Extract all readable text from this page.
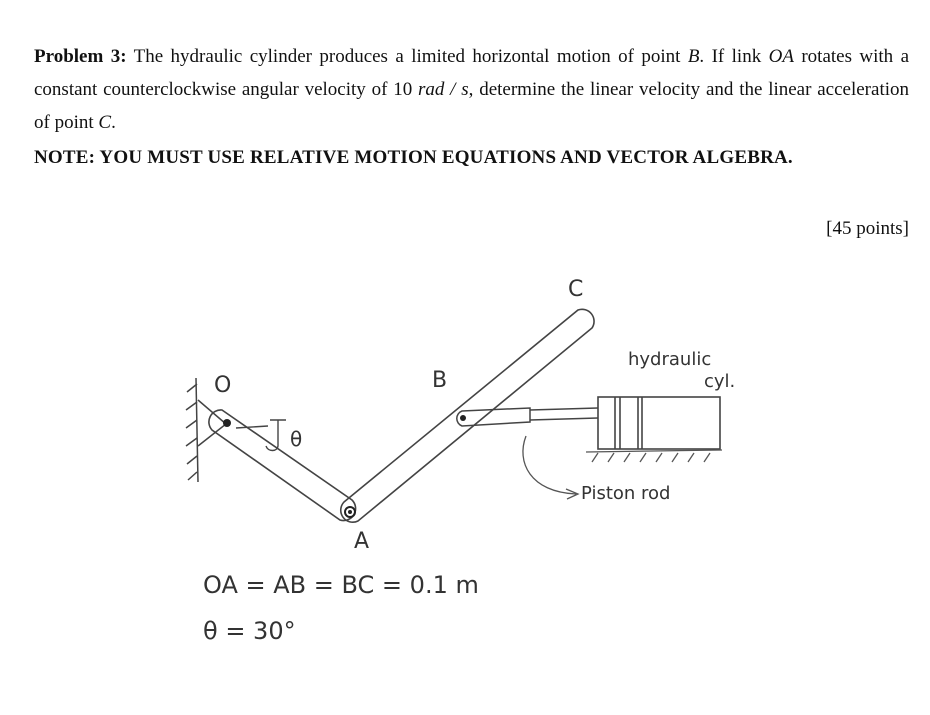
Problem 3: The hydraulic cylinder produces a limited horizontal motion of point B. If link OA rotates with a constant counterclockwise angular velocity of 10 rad / s, determine the linear velocity and the linear acceleration of point C.
NOTE: YOU MUST USE RELATIVE MOTION EQUATIONS AND VECTOR ALGEBRA.
[45 points]
O
θ
A
B
C
hydraulic
cyl.
Piston rod
OA = AB = BC = 0.1 m
θ = 30°
